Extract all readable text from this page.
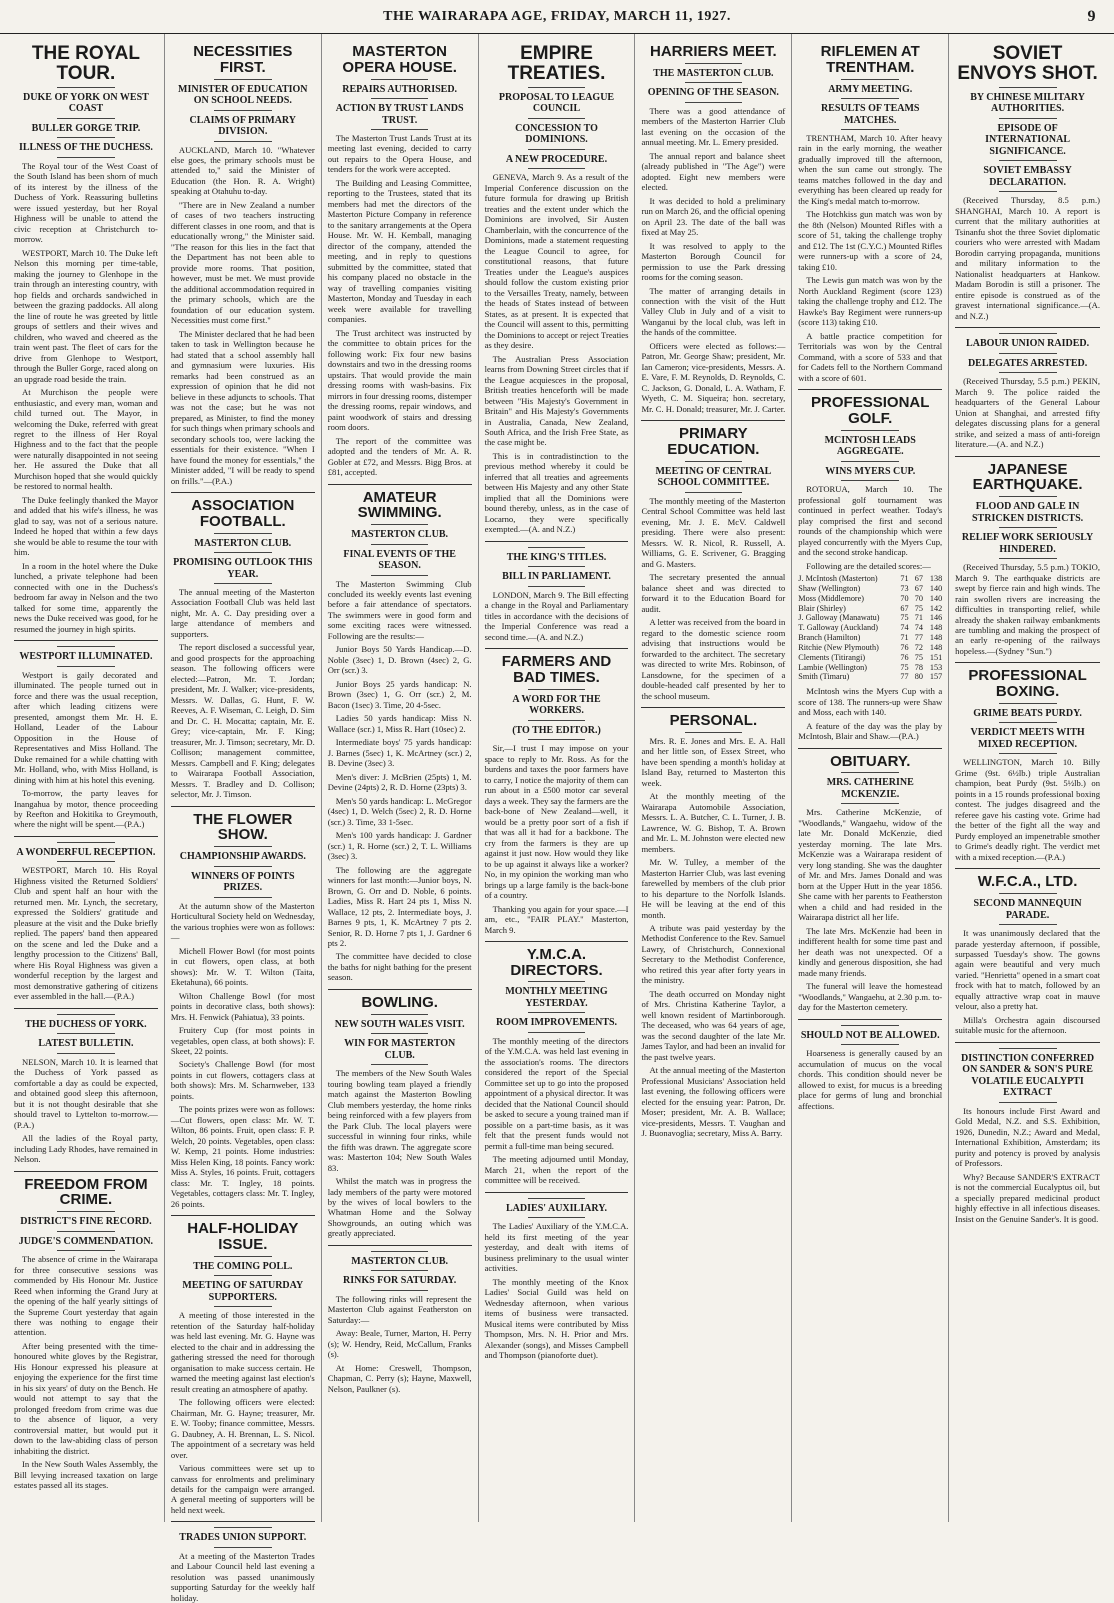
THE WAIRARAPA AGE, FRIDAY, MARCH 11, 1927.	9
THE ROYAL TOUR.
DUKE OF YORK ON WEST COAST
BULLER GORGE TRIP.
ILLNESS OF THE DUCHESS.

The Royal tour of the West Coast of the South Island has been shorn of much of its interest by the illness of the Duchess of York. Reassuring bulletins were issued yesterday, but her Royal Highness will be unable to attend the civic reception at Christchurch to-morrow.

WESTPORT, March 10. The Duke left Nelson this morning per time-table, making the journey to Glenhope in the train through an interesting country, with hop fields and orchards sandwiched in between the grazing paddocks. All along the line of route he was greeted by little groups of settlers and their wives and children, who waved and cheered as the train went past. The fleet of cars for the drive from Glenhope to Westport, through the Buller Gorge, raced along on an upgrade road beside the train.

At Murchison the people were enthusiastic, and every man, woman and child turned out. The Mayor, in welcoming the Duke, referred with great regret to the illness of Her Royal Highness and to the fact that the people were naturally disappointed in not seeing her. He assured the Duke that all Murchison hoped that she would quickly be restored to normal health.

The Duke feelingly thanked the Mayor and added that his wife's illness, he was glad to say, was not of a serious nature. Indeed he hoped that within a few days she would be able to resume the tour with him.

In a room in the hotel where the Duke lunched, a private telephone had been connected with one in the Duchess's bedroom far away in Nelson and the two talked for some time, apparently the news the Duke received was good, for he resumed the journey in high spirits.

WESTPORT ILLUMINATED.

Westport is gaily decorated and illuminated. The people turned out in force and there was the usual reception, after which leading citizens were presented, amongst them Mr. H. E. Holland, Leader of the Labour Opposition in the House of Representatives and Miss Holland. The Duke remained for a while chatting with Mr. Holland, who, with Miss Holland, is dining with him at his hotel this evening.

To-morrow, the party leaves for Inangahua by motor, thence proceeding by Reefton and Hokitika to Greymouth, where the night will be spent.—(P.A.)

A WONDERFUL RECEPTION.

WESTPORT, March 10. His Royal Highness visited the Returned Soldiers' Club and spent half an hour with the returned men. Mr. Lynch, the secretary, expressed the Soldiers' gratitude and pleasure at the visit and the Duke briefly replied. The papers' band then appeared on the scene and led the Duke and a lengthy procession to the Citizens' Ball, where His Royal Highness was given a wonderful reception by the largest and most demonstrative gathering of citizens ever assembled in the hall.—(P.A.)

THE DUCHESS OF YORK.
LATEST BULLETIN.

NELSON, March 10. It is learned that the Duchess of York passed as comfortable a day as could be expected, and obtained good sleep this afternoon, but it is not thought desirable that she should travel to Lyttelton to-morrow.—(P.A.)

All the ladies of the Royal party, including Lady Rhodes, have remained in Nelson.

FREEDOM FROM CRIME.
DISTRICT'S FINE RECORD.
JUDGE'S COMMENDATION.

The absence of crime in the Wairarapa for three consecutive sessions was commended by His Honour Mr. Justice Reed when informing the Grand Jury at the opening of the half yearly sittings of the Supreme Court yesterday that again there was nothing to engage their attention.

After being presented with the time-honoured white gloves by the Registrar, His Honour expressed his pleasure at enjoying the experience for the first time in his six years' of duty on the Bench. He would not attempt to say that the prolonged freedom from crime was due to the absence of liquor, a very controversial matter, but would put it down to the law-abiding class of person inhabiting the district.

In the New South Wales Assembly, the Bill levying increased taxation on large estates passed all its stages.

NECESSITIES FIRST.
MINISTER OF EDUCATION ON SCHOOL NEEDS.
CLAIMS OF PRIMARY DIVISION.

AUCKLAND, March 10. "Whatever else goes, the primary schools must be attended to," said the Minister of Education (the Hon. R. A. Wright) speaking at Otahuhu to-day.

"There are in New Zealand a number of cases of two teachers instructing different classes in one room, and that is educationally wrong," the Minister said. "The reason for this lies in the fact that the Department has not been able to provide more rooms. That position, however, must be met. We must provide the additional accommodation required in the primary schools, which are the foundation of our education system. Necessities must come first."

The Minister declared that he had been taken to task in Wellington because he had stated that a school assembly hall and gymnasium were luxuries. His remarks had been construed as an expression of opinion that he did not believe in these adjuncts to schools. That was not the case; but he was not prepared, as Minister, to find the money for such things when primary schools and secondary schools too, were lacking the essentials for their existence. "When I have found the money for essentials," the Minister added, "I will be ready to spend on frills."—(P.A.)

ASSOCIATION FOOTBALL.
MASTERTON CLUB.
PROMISING OUTLOOK THIS YEAR.

The annual meeting of the Masterton Association Football Club was held last night, Mr. A. C. Day presiding over a large attendance of members and supporters.

The report disclosed a successful year, and good prospects for the approaching season. The following officers were elected:—Patron, Mr. T. Jordan; president, Mr. J. Walker; vice-presidents, Messrs. W. Dallas, G. Hunt, F. W. Reeves, A. F. Wiseman, C. Leigh, D. Sim and Dr. C. H. Mocatta; captain, Mr. E. Grey; vice-captain, Mr. F. King; treasurer, Mr. J. Timson; secretary, Mr. D. Collison; management committee, Messrs. Campbell and F. King; delegates to Wairarapa Football Association, Messrs. T. Bradley and D. Collison; selector, Mr. J. Timson.

THE FLOWER SHOW.
CHAMPIONSHIP AWARDS.
WINNERS OF POINTS PRIZES.

At the autumn show of the Masterton Horticultural Society held on Wednesday, the various trophies were won as follows:—

Michell Flower Bowl (for most points in cut flowers, open class, at both shows): Mr. W. T. Wilton (Taita, Eketahuna), 66 points.

Wilton Challenge Bowl (for most points in decorative class, both shows): Mrs. H. Fenwick (Pahiatua), 33 points.

Fruitery Cup (for most points in vegetables, open class, at both shows): F. Skeet, 22 points.

Society's Challenge Bowl (for most points in cut flowers, cottagers class at both shows): Mrs. M. Scharnweber, 133 points.

The points prizes were won as follows:—Cut flowers, open class: Mr. W. T. Wilton, 86 points. Fruit, open class: F. P. Welch, 20 points. Vegetables, open class: W. Kemp, 21 points. Home industries: Miss Helen King, 18 points. Fancy work: Miss A. Styles, 16 points. Fruit, cottagers class: Mr. T. Ingley, 18 points. Vegetables, cottagers class: Mr. T. Ingley, 26 points.

HALF-HOLIDAY ISSUE.
THE COMING POLL.
MEETING OF SATURDAY SUPPORTERS.

A meeting of those interested in the retention of the Saturday half-holiday was held last evening. Mr. G. Hayne was elected to the chair and in addressing the gathering stressed the need for thorough organisation to make success certain. He warned the meeting against last election's result creating an atmosphere of apathy.

The following officers were elected: Chairman, Mr. G. Hayne; treasurer, Mr. E. W. Tooby; finance committee, Messrs. G. Daubney, A. H. Brennan, L. S. Nicol. The appointment of a secretary was held over.

Various committees were set up to canvass for enrolments and preliminary details for the campaign were arranged. A general meeting of supporters will be held next week.

TRADES UNION SUPPORT.

At a meeting of the Masterton Trades and Labour Council held last evening a resolution was passed unanimously supporting Saturday for the weekly half holiday.

MASTERTON OPERA HOUSE.
REPAIRS AUTHORISED.
ACTION BY TRUST LANDS TRUST.

The Masterton Trust Lands Trust at its meeting last evening, decided to carry out repairs to the Opera House, and tenders for the work were accepted.

The Building and Leasing Committee, reporting to the Trustees, stated that its members had met the directors of the Masterton Picture Company in reference to the sanitary arrangements at the Opera House. Mr. W. H. Kemball, managing director of the company, attended the meeting, and in reply to questions submitted by the committee, stated that his company placed no obstacle in the way of travelling companies visiting Masterton, Monday and Tuesday in each week were available for travelling companies.

The Trust architect was instructed by the committee to obtain prices for the following work: Fix four new basins downstairs and two in the dressing rooms upstairs. That would provide the main dressing rooms with wash-basins. Fix mirrors in four dressing rooms, distemper the dressing rooms, repair windows, and paint woodwork of stairs and dressing room doors.

The report of the committee was adopted and the tenders of Mr. A. R. Gobler at £72, and Messrs. Bigg Bros. at £81, accepted.

AMATEUR SWIMMING.
MASTERTON CLUB.
FINAL EVENTS OF THE SEASON.

The Masterton Swimming Club concluded its weekly events last evening before a fair attendance of spectators. The swimmers were in good form and some exciting races were witnessed. Following are the results:—

Junior Boys 50 Yards Handicap.—D. Noble (3sec) 1, D. Brown (4sec) 2, G. Orr (scr.) 3.

Junior Boys 25 yards handicap: N. Brown (3sec) 1, G. Orr (scr.) 2, M. Bacon (1sec) 3. Time, 20 4-5sec.

Ladies 50 yards handicap: Miss N. Wallace (scr.) 1, Miss R. Hart (10sec) 2.

Intermediate boys' 75 yards handicap: J. Barnes (5sec) 1, K. McArtney (scr.) 2, B. Devine (3sec) 3.

Men's diver: J. McBrien (25pts) 1, M. Devine (24pts) 2, R. D. Horne (23pts) 3.

Men's 50 yards handicap: L. McGregor (4sec) 1, D. Welch (5sec) 2, R. D. Horne (scr.) 3. Time, 33 1-5sec.

Men's 100 yards handicap: J. Gardner (scr.) 1, R. Horne (scr.) 2, T. L. Williams (3sec) 3.

The following are the aggregate winners for last month:—Junior boys, N. Brown, G. Orr and D. Noble, 6 points. Ladies, Miss R. Hart 24 pts 1, Miss N. Wallace, 12 pts, 2. Intermediate boys, J. Barnes 9 pts, 1, K. McArtney 7 pts 2. Senior, R. D. Horne 7 pts 1, J. Gardner 6 pts 2.

The committee have decided to close the baths for night bathing for the present season.

BOWLING.
NEW SOUTH WALES VISIT.
WIN FOR MASTERTON CLUB.

The members of the New South Wales touring bowling team played a friendly match against the Masterton Bowling Club members yesterday, the home rinks being reinforced with a few players from the Park Club. The local players were successful in winning four rinks, while the fifth was drawn. The aggregate score was: Masterton 104; New South Wales 83.

Whilst the match was in progress the lady members of the party were motored by the wives of local bowlers to the Whatman Home and the Solway Showgrounds, an outing which was greatly appreciated.

MASTERTON CLUB.
RINKS FOR SATURDAY.

The following rinks will represent the Masterton Club against Featherston on Saturday:—

Away: Beale, Turner, Marton, H. Perry (s); W. Hendry, Reid, McCallum, Franks (s).

At Home: Creswell, Thompson, Chapman, C. Perry (s); Hayne, Maxwell, Nelson, Paulkner (s).

EMPIRE TREATIES.
PROPOSAL TO LEAGUE COUNCIL
CONCESSION TO DOMINIONS.
A NEW PROCEDURE.

GENEVA, March 9. As a result of the Imperial Conference discussion on the future formula for drawing up British treaties and the extent under which the Dominions are involved, Sir Austen Chamberlain, with the concurrence of the Dominions, made a statement requesting the League Council to agree, for constitutional reasons, that future Treaties under the League's auspices should follow the custom existing prior to the Versailles Treaty, namely, between the heads of States instead of between States, as at present. It is expected that the Council will assent to this, permitting the Dominions to accept or reject Treaties as they desire.

The Australian Press Association learns from Downing Street circles that if the League acquiesces in the proposal, British treaties henceforth will be made between "His Majesty's Government in Britain" and His Majesty's Governments in Australia, Canada, New Zealand, South Africa, and the Irish Free State, as the case might be.

This is in contradistinction to the previous method whereby it could be inferred that all treaties and agreements between His Majesty and any other State implied that all the Dominions were bound thereby, unless, as in the case of Locarno, they were specifically exempted.—(A. and N.Z.)

THE KING'S TITLES.
BILL IN PARLIAMENT.

LONDON, March 9. The Bill effecting a change in the Royal and Parliamentary titles in accordance with the decisions of the Imperial Conference was read a second time.—(A. and N.Z.)

FARMERS AND BAD TIMES.
A WORD FOR THE WORKERS.
(TO THE EDITOR.)

Sir,—I trust I may impose on your space to reply to Mr. Ross. As for the burdens and taxes the poor farmers have to carry, I notice the majority of them can run about in a £500 motor car several days a week. They say the farmers are the back-bone of New Zealand—well, it would be a pretty poor sort of a fish if that was all it had for a backbone. The cry from the farmers is they are up against it just now. How would they like to be up against it always like a worker? No, in my opinion the working man who brings up a large family is the back-bone of a country.

Thanking you again for your space.—I am, etc., "FAIR PLAY." Masterton, March 9.

Y.M.C.A. DIRECTORS.
MONTHLY MEETING YESTERDAY.
ROOM IMPROVEMENTS.

The monthly meeting of the directors of the Y.M.C.A. was held last evening in the association's rooms. The directors considered the report of the Special Committee set up to go into the proposed appointment of a physical director. It was decided that the National Council should be asked to secure a young trained man if possible on a part-time basis, as it was felt that the present funds would not permit a full-time man being secured.

The meeting adjourned until Monday, March 21, when the report of the committee will be received.

LADIES' AUXILIARY.

The Ladies' Auxiliary of the Y.M.C.A. held its first meeting of the year yesterday, and dealt with items of business preliminary to the usual winter activities.

The monthly meeting of the Knox Ladies' Social Guild was held on Wednesday afternoon, when various items of business were transacted. Musical items were contributed by Miss Thompson, Mrs. N. H. Prior and Mrs. Alexander (songs), and Misses Campbell and Thompson (pianoforte duet).

HARRIERS MEET.
THE MASTERTON CLUB.
OPENING OF THE SEASON.

There was a good attendance of members of the Masterton Harrier Club last evening on the occasion of the annual meeting. Mr. L. Emery presided.

The annual report and balance sheet (already published in "The Age") were adopted. Eight new members were elected.

It was decided to hold a preliminary run on March 26, and the official opening on April 23. The date of the ball was fixed at May 25.

It was resolved to apply to the Masterton Borough Council for permission to use the Park dressing rooms for the coming season.

The matter of arranging details in connection with the visit of the Hutt Valley Club in July and of a visit to Wanganui by the local club, was left in the hands of the committee.

Officers were elected as follows:—Patron, Mr. George Shaw; president, Mr. Ian Cameron; vice-presidents, Messrs. A. E. Vare, F. M. Reynolds, D. Reynolds, C. C. Jackson, G. Donald, L. A. Watham, F. Wyeth, C. M. Siqueira; hon. secretary, Mr. C. H. Donald; treasurer, Mr. J. Carter.

PRIMARY EDUCATION.
MEETING OF CENTRAL SCHOOL COMMITTEE.

The monthly meeting of the Masterton Central School Committee was held last evening, Mr. J. E. McV. Caldwell presiding. There were also present: Messrs. W. R. Nicol, R. Russell, A. Williams, G. E. Scrivener, G. Bragging and G. Masters.

The secretary presented the annual balance sheet and was directed to forward it to the Education Board for audit.

A letter was received from the board in regard to the domestic science room advising that instructions would be forwarded to the architect. The secretary was directed to write Mrs. Robinson, of Lansdowne, for the specimen of a double-headed calf presented by her to the school museum.

PERSONAL.

Mrs. R. E. Jones and Mrs. E. A. Hall and her little son, of Essex Street, who have been spending a month's holiday at Island Bay, returned to Masterton this week.

At the monthly meeting of the Wairarapa Automobile Association, Messrs. L. A. Butcher, C. L. Turner, J. B. Lawrence, W. G. Bishop, T. A. Brown and Mr. L. M. Johnston were elected new members.

Mr. W. Tulley, a member of the Masterton Harrier Club, was last evening farewelled by members of the club prior to his departure to the Norfolk Islands. He will be leaving at the end of this month.

A tribute was paid yesterday by the Methodist Conference to the Rev. Samuel Lawry, of Christchurch, Connexional Secretary to the Methodist Conference, who retired this year after forty years in the ministry.

The death occurred on Monday night of Mrs. Christina Katherine Taylor, a well known resident of Martinborough. The deceased, who was 64 years of age, was the second daughter of the late Mr. James Taylor, and had been an invalid for the past twelve years.

At the annual meeting of the Masterton Professional Musicians' Association held last evening, the following officers were elected for the ensuing year: Patron, Dr. Moser; president, Mr. A. B. Wallace; vice-presidents, Messrs. T. Vaughan and J. Buonavoglia; secretary, Miss A. Barry.

RIFLEMEN AT TRENTHAM.
ARMY MEETING.
RESULTS OF TEAMS MATCHES.

TRENTHAM, March 10. After heavy rain in the early morning, the weather gradually improved till the afternoon, when the sun came out strongly. The teams matches followed in the day and everything has been cleared up ready for the King's medal match to-morrow.

The Hotchkiss gun match was won by the 8th (Nelson) Mounted Rifles with a score of 51, taking the challenge trophy and £12. The 1st (C.Y.C.) Mounted Rifles were runners-up with a score of 24, taking £10.

The Lewis gun match was won by the North Auckland Regiment (score 123) taking the challenge trophy and £12. The Hawke's Bay Regiment were runners-up (score 113) taking £10.

A battle practice competition for Territorials was won by the Central Command, with a score of 533 and that for Cadets fell to the Northern Command with a score of 601.

PROFESSIONAL GOLF.
MCINTOSH LEADS AGGREGATE.
WINS MYERS CUP.

ROTORUA, March 10. The professional golf tournament was continued in perfect weather. Today's play comprised the first and second rounds of the championship which were played concurrently with the Myers Cup, and the second stroke handicap.

Following are the detailed scores:—

J. McIntosh (Masterton)	71	67	138
Shaw (Wellington)	73	67	140
Moss (Middlemore)	70	70	140
Blair (Shirley)	67	75	142
J. Galloway (Manawatu)	75	71	146
T. Galloway (Auckland)	74	74	148
Branch (Hamilton)	71	77	148
Ritchie (New Plymouth)	76	72	148
Clements (Titirangi)	76	75	151
Lambie (Wellington)	75	78	153
Smith (Timaru)	77	80	157

McIntosh wins the Myers Cup with a score of 138. The runners-up were Shaw and Moss, each with 140.

A feature of the day was the play by McIntosh, Blair and Shaw.—(P.A.)

OBITUARY.
MRS. CATHERINE MCKENZIE.

Mrs. Catherine McKenzie, of "Woodlands," Wangaehu, widow of the late Mr. Donald McKenzie, died yesterday morning. The late Mrs. McKenzie was a Wairarapa resident of very long standing. She was the daughter of Mr. and Mrs. James Donald and was born at the Upper Hutt in the year 1856. She came with her parents to Featherston when a child and had resided in the Wairarapa district all her life.

The late Mrs. McKenzie had been in indifferent health for some time past and her death was not unexpected. Of a kindly and generous disposition, she had made many friends.

The funeral will leave the homestead "Woodlands," Wangaehu, at 2.30 p.m. to-day for the Masterton cemetery.

SHOULD NOT BE ALLOWED.

Hoarseness is generally caused by an accumulation of mucus on the vocal chords. This condition should never be allowed to exist, for mucus is a breeding place for germs of lung and bronchial affections.

SOVIET ENVOYS SHOT.
BY CHINESE MILITARY AUTHORITIES.
EPISODE OF INTERNATIONAL SIGNIFICANCE.
SOVIET EMBASSY DECLARATION.

(Received Thursday, 8.5 p.m.) SHANGHAI, March 10. A report is current that the military authorities at Tsinanfu shot the three Soviet diplomatic couriers who were arrested with Madam Borodin carrying propaganda, munitions and military information to the Nationalist headquarters at Hankow. Madam Borodin is still a prisoner. The entire episode is construed as of the gravest international significance.—(A. and N.Z.)

LABOUR UNION RAIDED.
DELEGATES ARRESTED.

(Received Thursday, 5.5 p.m.) PEKIN, March 9. The police raided the headquarters of the General Labour Union at Shanghai, and arrested fifty delegates discussing plans for a general strike, and seized a mass of anti-foreign literature.—(A. and N.Z.)

JAPANESE EARTHQUAKE.
FLOOD AND GALE IN STRICKEN DISTRICTS.
RELIEF WORK SERIOUSLY HINDERED.

(Received Thursday, 5.5 p.m.) TOKIO, March 9. The earthquake districts are swept by fierce rain and high winds. The rain swollen rivers are increasing the difficulties in transporting relief, while already the shaken railway embankments are tumbling and making the prospect of an early re-opening of the railways hopeless.—(Sydney "Sun.")

PROFESSIONAL BOXING.
GRIME BEATS PURDY.
VERDICT MEETS WITH MIXED RECEPTION.

WELLINGTON, March 10. Billy Grime (9st. 6½lb.) triple Australian champion, beat Purdy (9st. 5½lb.) on points in a 15 rounds professional boxing contest. The judges disagreed and the referee gave his casting vote. Grime had the better of the fight all the way and Purdy employed an impenetrable smother to Grime's deadly right. The verdict met with a mixed reception.—(P.A.)

W.F.C.A., LTD.
SECOND MANNEQUIN PARADE.

It was unanimously declared that the parade yesterday afternoon, if possible, surpassed Tuesday's show. The gowns again were beautiful and very much varied. "Henrietta" opened in a smart coat frock with hat to match, followed by an equally attractive wrap coat in mauve velour, also a pretty hat.

Milla's Orchestra again discoursed suitable music for the afternoon.

DISTINCTION CONFERRED ON SANDER & SON'S PURE VOLATILE EUCALYPTI EXTRACT

Its honours include First Award and Gold Medal, N.Z. and S.S. Exhibition, 1926, Dunedin, N.Z.; Award and Medal, International Exhibition, Amsterdam; its purity and potency is proved by analysis of Professors.

Why? Because SANDER'S EXTRACT is not the commercial Eucalyptus oil, but a specially prepared medicinal product highly effective in all infectious diseases. Insist on the Genuine Sander's. It is good.
